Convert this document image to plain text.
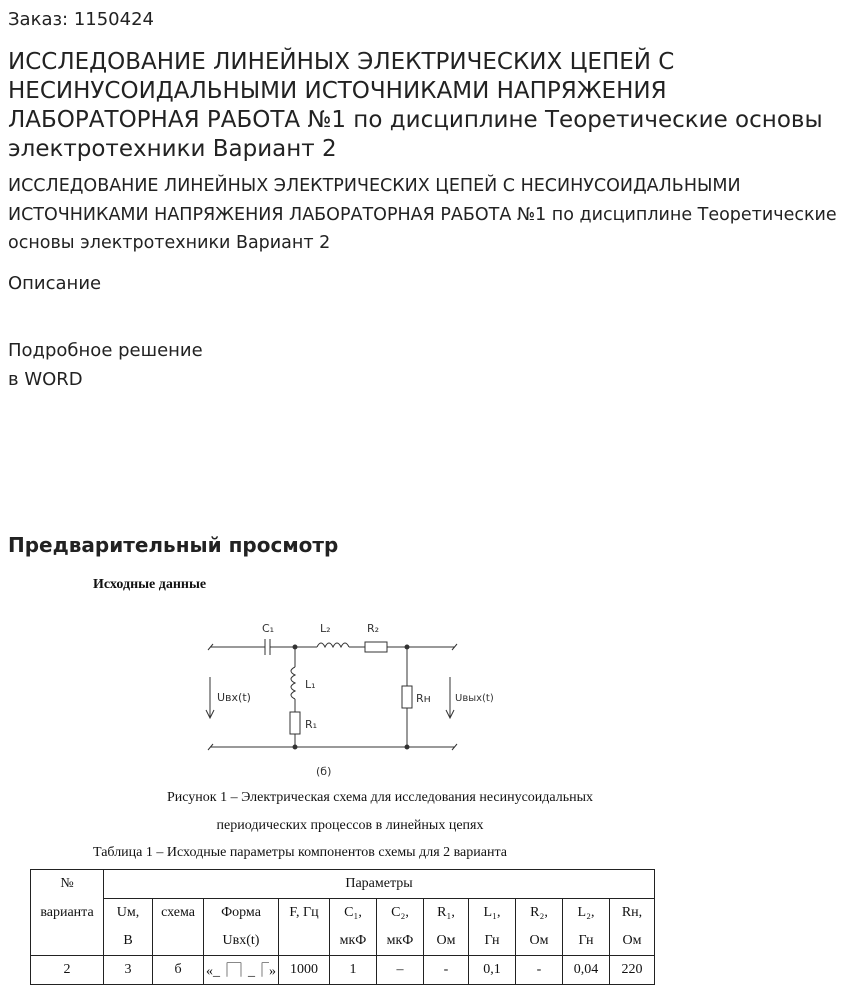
Заказ: 1150424
ИССЛЕДОВАНИЕ ЛИНЕЙНЫХ ЭЛЕКТРИЧЕСКИХ ЦЕПЕЙ С НЕСИНУСОИДАЛЬНЫМИ ИСТОЧНИКАМИ НАПРЯЖЕНИЯ ЛАБОРАТОРНАЯ РАБОТА №1 по дисциплине Теоретические основы электротехники Вариант 2

ИССЛЕДОВАНИЕ ЛИНЕЙНЫХ ЭЛЕКТРИЧЕСКИХ ЦЕПЕЙ С НЕСИНУСОИДАЛЬНЫМИ ИСТОЧНИКАМИ НАПРЯЖЕНИЯ ЛАБОРАТОРНАЯ РАБОТА №1 по дисциплине Теоретические основы электротехники Вариант 2

Описание
Подробное решение
в WORD
Предварительный просмотр
Исходные данные
C₁	L₂	R₂
L₁
R₁
Rн
Uвх(t)	Uвых(t)
(б)
Рисунок 1 – Электрическая схема для исследования несинусоидальных
периодических процессов в линейных цепях
Таблица 1 – Исходные параметры компонентов схемы для 2 варианта
№	Параметры										
варианта	Uм,	схема	Форма	F, Гц	C₁,	C₂,	R₁,	L₁,	R₂,	L₂,	Rн,
	В		Uвх(t)		мкФ	мкФ	Ом	Гн	Ом	Гн	Ом
2	3	б	«_⎾⏋_⎾»	1000	1	–	-	0,1	-	0,04	220
